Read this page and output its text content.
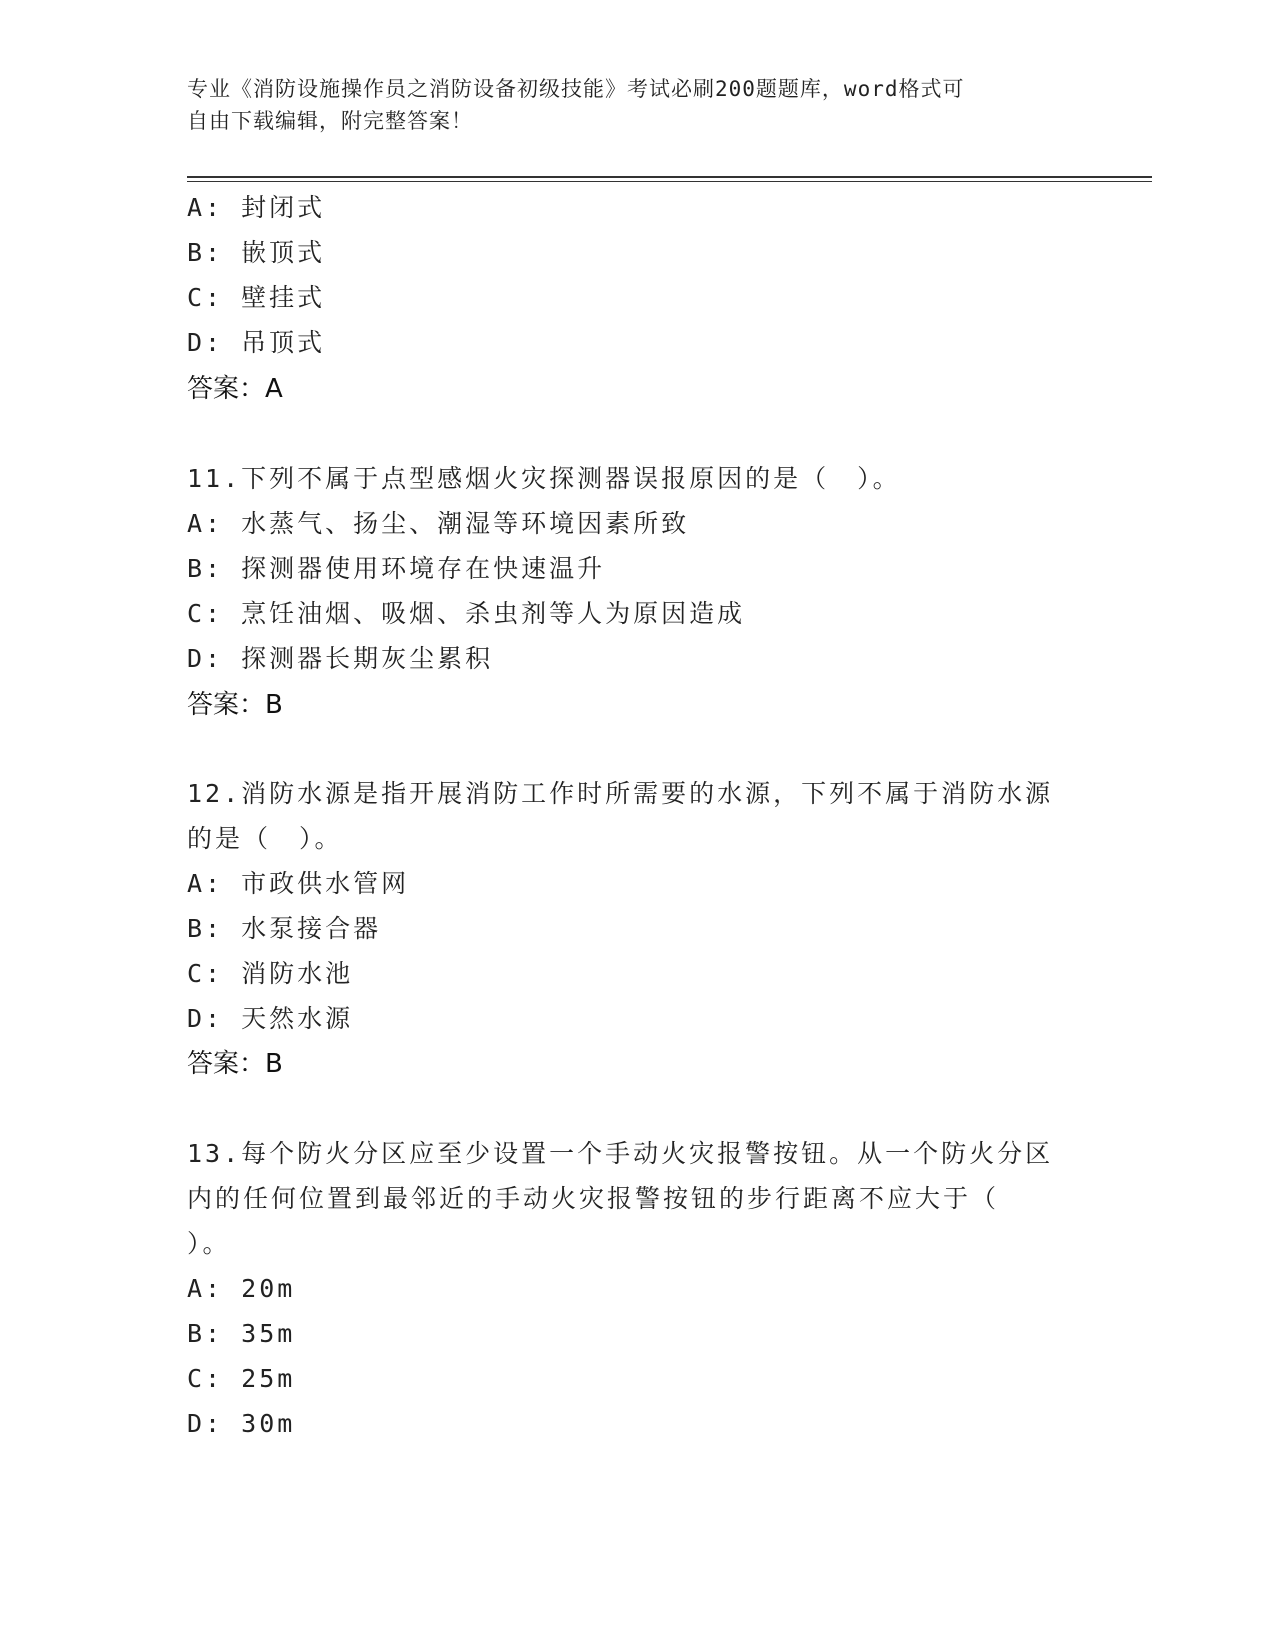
专业《消防设施操作员之消防设备初级技能》考试必刷200题题库，word格式可
自由下载编辑，附完整答案！
A: 封闭式
B: 嵌顶式
C: 壁挂式
D: 吊顶式
答案：A
11.下列不属于点型感烟火灾探测器误报原因的是（　）。
A: 水蒸气、扬尘、潮湿等环境因素所致
B: 探测器使用环境存在快速温升
C: 烹饪油烟、吸烟、杀虫剂等人为原因造成
D: 探测器长期灰尘累积
答案：B
12.消防水源是指开展消防工作时所需要的水源，下列不属于消防水源
的是（　）。
A: 市政供水管网
B: 水泵接合器
C: 消防水池
D: 天然水源
答案：B
13.每个防火分区应至少设置一个手动火灾报警按钮。从一个防火分区
内的任何位置到最邻近的手动火灾报警按钮的步行距离不应大于（
）。
A: 20m
B: 35m
C: 25m
D: 30m
